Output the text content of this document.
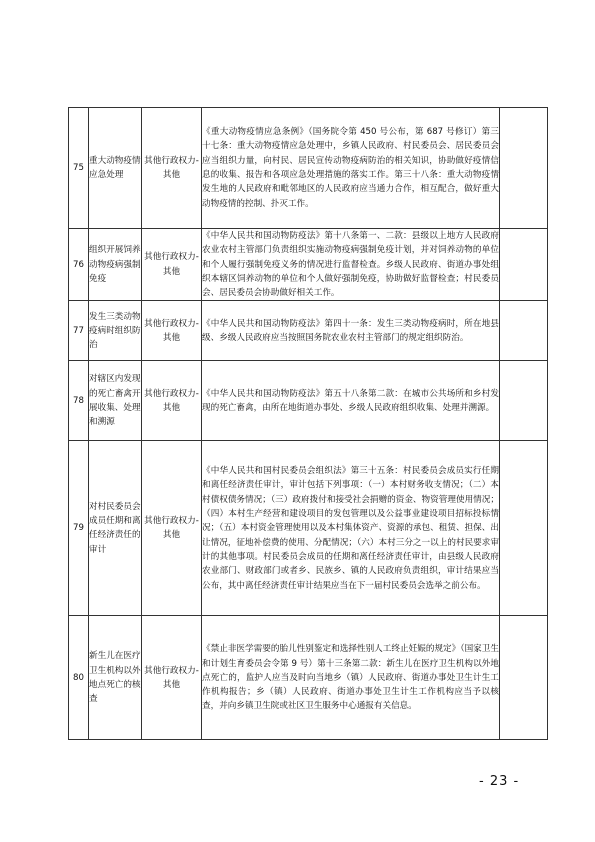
75	重大动物疫情应急处理	其他行政权力-其他	《重大动物疫情应急条例》（国务院令第 450 号公布，第 687 号修订）第三十七条：重大动物疫情应急处理中，乡镇人民政府、村民委员会、居民委员会应当组织力量，向村民、居民宣传动物疫病防治的相关知识，协助做好疫情信息的收集、报告和各项应急处理措施的落实工作。第三十八条：重大动物疫情发生地的人民政府和毗邻地区的人民政府应当通力合作，相互配合，做好重大动物疫情的控制、扑灭工作。	
76	组织开展饲养动物疫病强制免疫	其他行政权力-其他	《中华人民共和国动物防疫法》第十八条第一、二款：县级以上地方人民政府农业农村主管部门负责组织实施动物疫病强制免疫计划，并对饲养动物的单位和个人履行强制免疫义务的情况进行监督检查。乡级人民政府、街道办事处组织本辖区饲养动物的单位和个人做好强制免疫，协助做好监督检查；村民委员会、居民委员会协助做好相关工作。	
77	发生三类动物疫病时组织防治	其他行政权力-其他	《中华人民共和国动物防疫法》第四十一条：发生三类动物疫病时，所在地县级、乡级人民政府应当按照国务院农业农村主管部门的规定组织防治。	
78	对辖区内发现的死亡畜禽开展收集、处理和溯源	其他行政权力-其他	《中华人民共和国动物防疫法》第五十八条第二款：在城市公共场所和乡村发现的死亡畜禽，由所在地街道办事处、乡级人民政府组织收集、处理并溯源。	
79	对村民委员会成员任期和离任经济责任的审计	其他行政权力-其他	《中华人民共和国村民委员会组织法》第三十五条：村民委员会成员实行任期和离任经济责任审计，审计包括下列事项：（一）本村财务收支情况；（二）本村债权债务情况；（三）政府拨付和接受社会捐赠的资金、物资管理使用情况；（四）本村生产经营和建设项目的发包管理以及公益事业建设项目招标投标情况；（五）本村资金管理使用以及本村集体资产、资源的承包、租赁、担保、出让情况，征地补偿费的使用、分配情况；（六）本村三分之一以上的村民要求审计的其他事项。村民委员会成员的任期和离任经济责任审计，由县级人民政府农业部门、财政部门或者乡、民族乡、镇的人民政府负责组织，审计结果应当公布，其中离任经济责任审计结果应当在下一届村民委员会选举之前公布。	
80	新生儿在医疗卫生机构以外地点死亡的核查	其他行政权力-其他	《禁止非医学需要的胎儿性别鉴定和选择性别人工终止妊娠的规定》（国家卫生和计划生育委员会令第 9 号）第十三条第二款：新生儿在医疗卫生机构以外地点死亡的，监护人应当及时向当地乡（镇）人民政府、街道办事处卫生计生工作机构报告；乡（镇）人民政府、街道办事处卫生计生工作机构应当予以核查，并向乡镇卫生院或社区卫生服务中心通报有关信息。	
- 23 -
